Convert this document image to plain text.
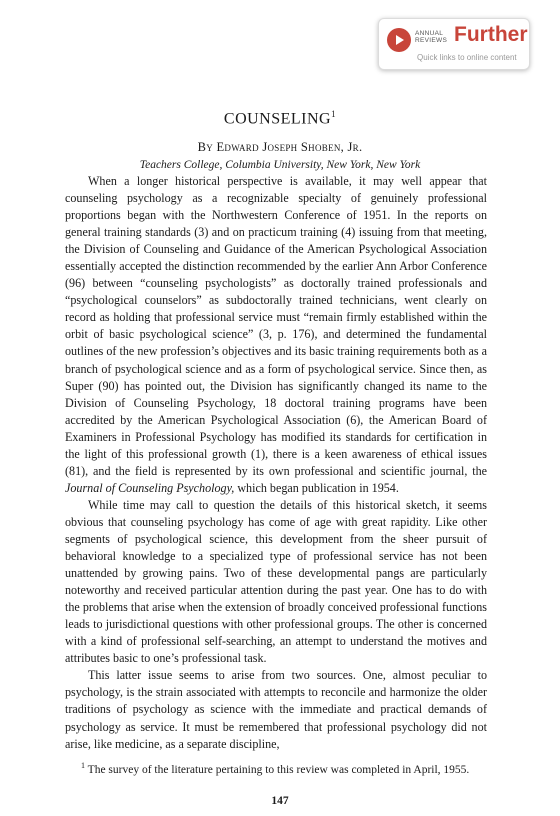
ANNUAL
REVIEWS Further
Quick links to online content
COUNSELING$^1$
By Edward Joseph Shoben, Jr.
Teachers College, Columbia University, New York, New York

When a longer historical perspective is available, it may well appear that counseling psychology as a recognizable specialty of genuinely professional proportions began with the Northwestern Conference of 1951. In the reports on general training standards (3) and on practicum training (4) issuing from that meeting, the Division of Counseling and Guidance of the American Psychological Association essentially accepted the distinction recommended by the earlier Ann Arbor Conference (96) between “counseling psychologists” as doctorally trained professionals and “psychological counselors” as subdoctorally trained technicians, went clearly on record as holding that professional service must “remain firmly established within the orbit of basic psychological science” (3, p. 176), and determined the fundamental outlines of the new profession’s objectives and its basic training requirements both as a branch of psychological science and as a form of psychological service. Since then, as Super (90) has pointed out, the Division has significantly changed its name to the Division of Counseling Psychology, 18 doctoral training programs have been accredited by the American Psychological Association (6), the American Board of Examiners in Professional Psychology has modified its standards for certification in the light of this professional growth (1), there is a keen awareness of ethical issues (81), and the field is represented by its own professional and scientific journal, the Journal of Counseling Psychology, which began publication in 1954.

While time may call to question the details of this historical sketch, it seems obvious that counseling psychology has come of age with great rapidity. Like other segments of psychological science, this development from the sheer pursuit of behavioral knowledge to a specialized type of professional service has not been unattended by growing pains. Two of these developmental pangs are particularly noteworthy and received particular attention during the past year. One has to do with the problems that arise when the extension of broadly conceived professional functions leads to jurisdictional questions with other professional groups. The other is concerned with a kind of professional self-searching, an attempt to understand the motives and attributes basic to one’s professional task.

This latter issue seems to arise from two sources. One, almost peculiar to psychology, is the strain associated with attempts to reconcile and harmonize the older traditions of psychology as science with the immediate and practical demands of psychology as service. It must be remembered that professional psychology did not arise, like medicine, as a separate discipline,

$^1$ The survey of the literature pertaining to this review was completed in April, 1955.
147
